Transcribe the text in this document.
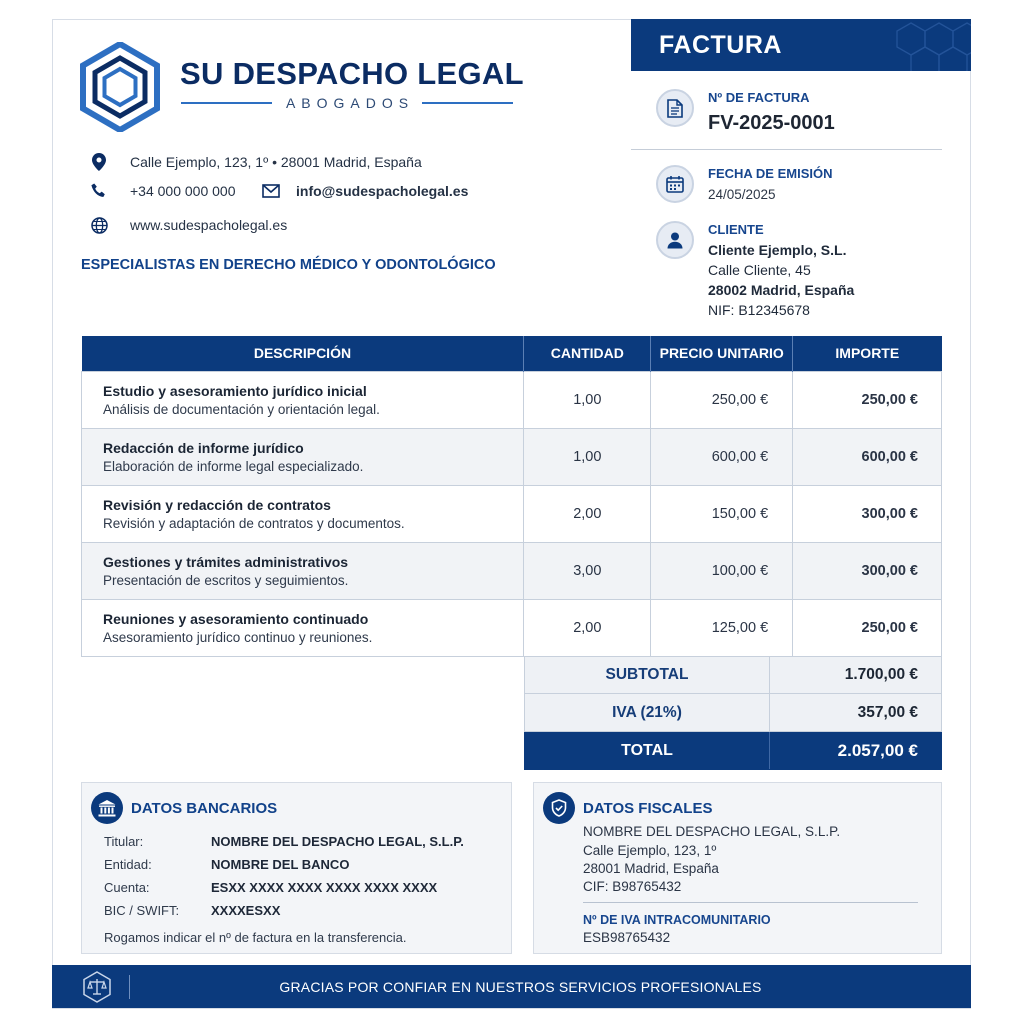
SU DESPACHO LEGAL
ABOGADOS
Calle Ejemplo, 123, 1º • 28001 Madrid, España
+34 000 000 000	info@sudespacholegal.es
www.sudespacholegal.es
ESPECIALISTAS EN DERECHO MÉDICO Y ODONTOLÓGICO
FACTURA
Nº DE FACTURA
FV-2025-0001
FECHA DE EMISIÓN
24/05/2025
CLIENTE
Cliente Ejemplo, S.L.
Calle Cliente, 45
28002 Madrid, España
NIF: B12345678
DESCRIPCIÓN	CANTIDAD	PRECIO UNITARIO	IMPORTE

Estudio y asesoramiento jurídico inicial
Análisis de documentación y orientación legal.	1,00	250,00 €	250,00 €

Redacción de informe jurídico
Elaboración de informe legal especializado.	1,00	600,00 €	600,00 €

Revisión y redacción de contratos
Revisión y adaptación de contratos y documentos.	2,00	150,00 €	300,00 €

Gestiones y trámites administrativos
Presentación de escritos y seguimientos.	3,00	100,00 €	300,00 €

Reuniones y asesoramiento continuado
Asesoramiento jurídico continuo y reuniones.	2,00	125,00 €	250,00 €
SUBTOTAL	1.700,00 €
IVA (21%)	357,00 €
TOTAL	2.057,00 €
DATOS BANCARIOS
Titular:	NOMBRE DEL DESPACHO LEGAL, S.L.P.
Entidad:	NOMBRE DEL BANCO
Cuenta:	ESXX XXXX XXXX XXXX XXXX XXXX
BIC / SWIFT: XXXXESXX
Rogamos indicar el nº de factura en la transferencia.
DATOS FISCALES
NOMBRE DEL DESPACHO LEGAL, S.L.P.
Calle Ejemplo, 123, 1º
28001 Madrid, España
CIF: B98765432
Nº DE IVA INTRACOMUNITARIO
ESB98765432
GRACIAS POR CONFIAR EN NUESTROS SERVICIOS PROFESIONALES
